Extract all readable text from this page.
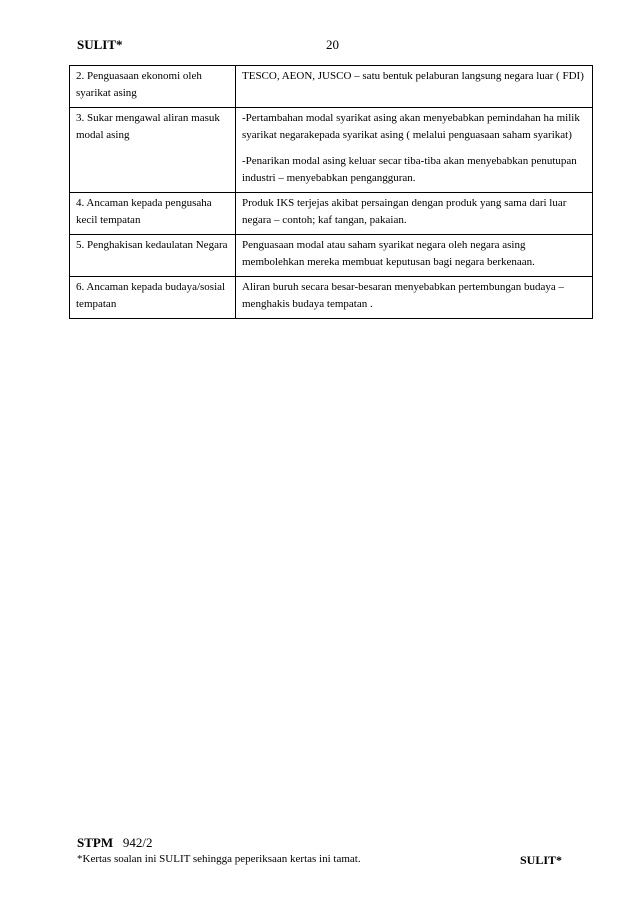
SULIT*	20
2. Penguasaan ekonomi oleh syarikat asing	TESCO, AEON, JUSCO – satu bentuk pelaburan langsung negara luar ( FDI)

3. Sukar mengawal aliran masuk modal asing	-Pertambahan modal syarikat asing akan menyebabkan pemindahan ha milik syarikat negarakepada syarikat asing ( melalui penguasaan saham syarikat)

-Penarikan modal asing keluar secar tiba-tiba akan menyebabkan penutupan industri – menyebabkan pengangguran.

4. Ancaman kepada pengusaha kecil tempatan	Produk IKS terjejas akibat persaingan dengan produk yang sama dari luar negara – contoh; kaf tangan, pakaian.

5. Penghakisan kedaulatan Negara	Penguasaan modal atau saham syarikat negara oleh negara asing membolehkan mereka membuat keputusan bagi negara berkenaan.

6. Ancaman kepada budaya/sosial tempatan	Aliran buruh secara besar-besaran menyebabkan pertembungan budaya – menghakis budaya tempatan .

STPM 942/2
*Kertas soalan ini SULIT sehingga peperiksaan kertas ini tamat.	SULIT*
